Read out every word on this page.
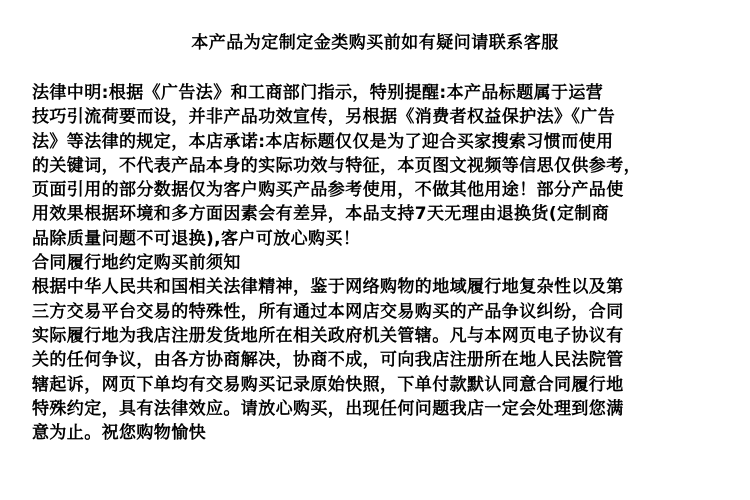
本产品为定制定金类购买前如有疑问请联系客服
法律中明:根据《广告法》和工商部门指示，特别提醒:本产品标题属于运营
技巧引流荷要而设，并非产品功效宣传，另根据《消费者权益保护法》《广告
法》等法律的规定，本店承诺:本店标题仅仅是为了迎合买家搜索习惯而使用
的关键词，不代表产品本身的实际功效与特征，本页图文视频等信思仅供参考，
页面引用的部分数据仅为客户购买产品参考使用，不做其他用途！部分产品使
用效果根据环境和多方面因素会有差异，本品支持7天无理由退换货(定制商
品除质量问题不可退换),客户可放心购买！
合同履行地约定购买前须知
根据中华人民共和国相关法律精神，鉴于网络购物的地域履行地复杂性以及第
三方交易平台交易的特殊性，所有通过本网店交易购买的产品争议纠纷，合同
实际履行地为我店注册发货地所在相关政府机关管辖。凡与本网页电子协议有
关的任何争议，由各方协商解决，协商不成，可向我店注册所在地人民法院管
辖起诉，网页下单均有交易购买记录原始快照，下单付款默认同意合同履行地
特殊约定，具有法律效应。请放心购买，出现任何问题我店一定会处理到您满
意为止。祝您购物愉快
